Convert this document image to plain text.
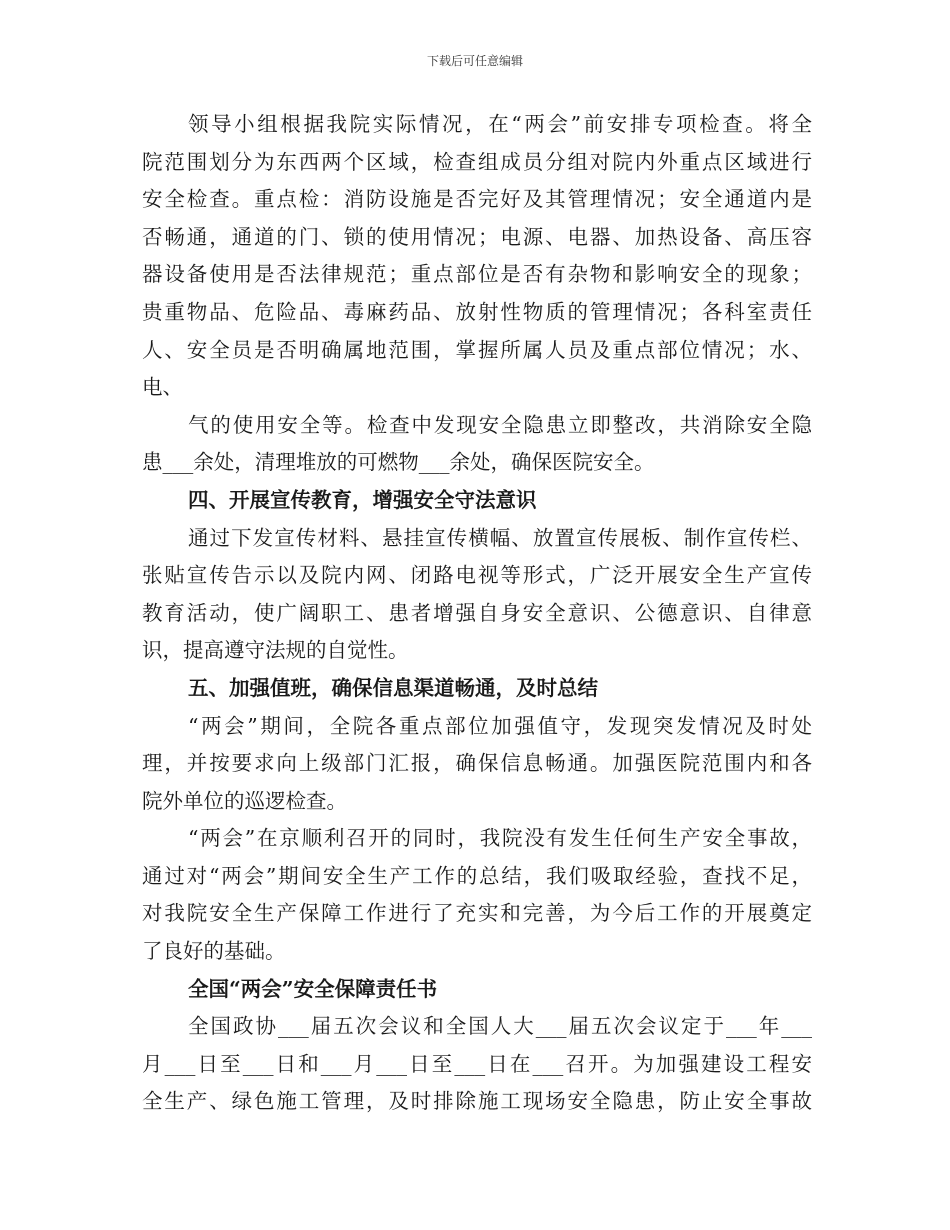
下载后可任意编辑
领导小组根据我院实际情况，在“两会”前安排专项检查。将全
院范围划分为东西两个区域，检查组成员分组对院内外重点区域进行
安全检查。重点检：消防设施是否完好及其管理情况；安全通道内是
否畅通，通道的门、锁的使用情况；电源、电器、加热设备、高压容
器设备使用是否法律规范；重点部位是否有杂物和影响安全的现象；
贵重物品、危险品、毒麻药品、放射性物质的管理情况；各科室责任
人、安全员是否明确属地范围，掌握所属人员及重点部位情况；水、
电、
气的使用安全等。检查中发现安全隐患立即整改，共消除安全隐
患___余处，清理堆放的可燃物___余处，确保医院安全。
四、开展宣传教育，增强安全守法意识
通过下发宣传材料、悬挂宣传横幅、放置宣传展板、制作宣传栏、
张贴宣传告示以及院内网、闭路电视等形式，广泛开展安全生产宣传
教育活动，使广阔职工、患者增强自身安全意识、公德意识、自律意
识，提高遵守法规的自觉性。
五、加强值班，确保信息渠道畅通，及时总结
“两会”期间，全院各重点部位加强值守，发现突发情况及时处
理，并按要求向上级部门汇报，确保信息畅通。加强医院范围内和各
院外单位的巡逻检查。
“两会”在京顺利召开的同时，我院没有发生任何生产安全事故，
通过对“两会”期间安全生产工作的总结，我们吸取经验，查找不足，
对我院安全生产保障工作进行了充实和完善，为今后工作的开展奠定
了良好的基础。
全国“两会”安全保障责任书
全国政协___届五次会议和全国人大___届五次会议定于___年___
月___日至___日和___月___日至___日在___召开。为加强建设工程安
全生产、绿色施工管理，及时排除施工现场安全隐患，防止安全事故
